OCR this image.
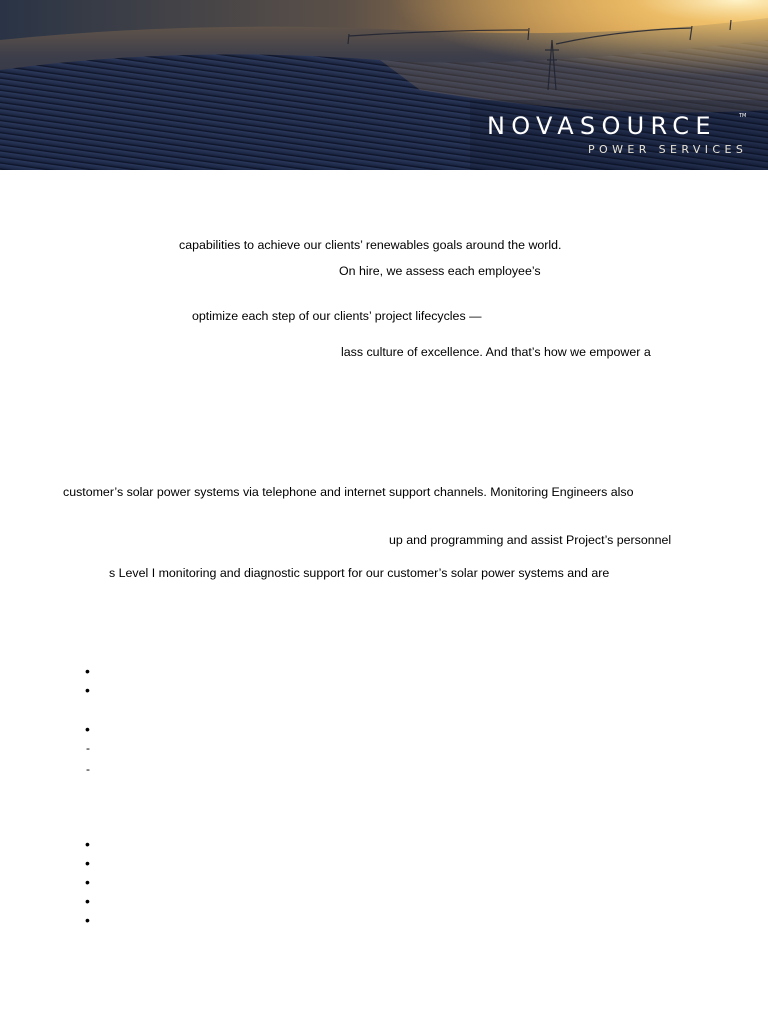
NOVASOURCE
POWER SERVICES
TM
capabilities to achieve our clients’ renewables goals around the world.
On hire, we assess each employee’s
optimize each step of our clients’ project lifecycles —
lass culture of excellence. And that’s how we empower a
customer’s solar power systems via telephone and internet support channels. Monitoring Engineers also
up and programming and assist Project’s personnel
s Level I monitoring and diagnostic support for our customer’s solar power systems and are
•
•
•
-
-
•
•
•
•
•
